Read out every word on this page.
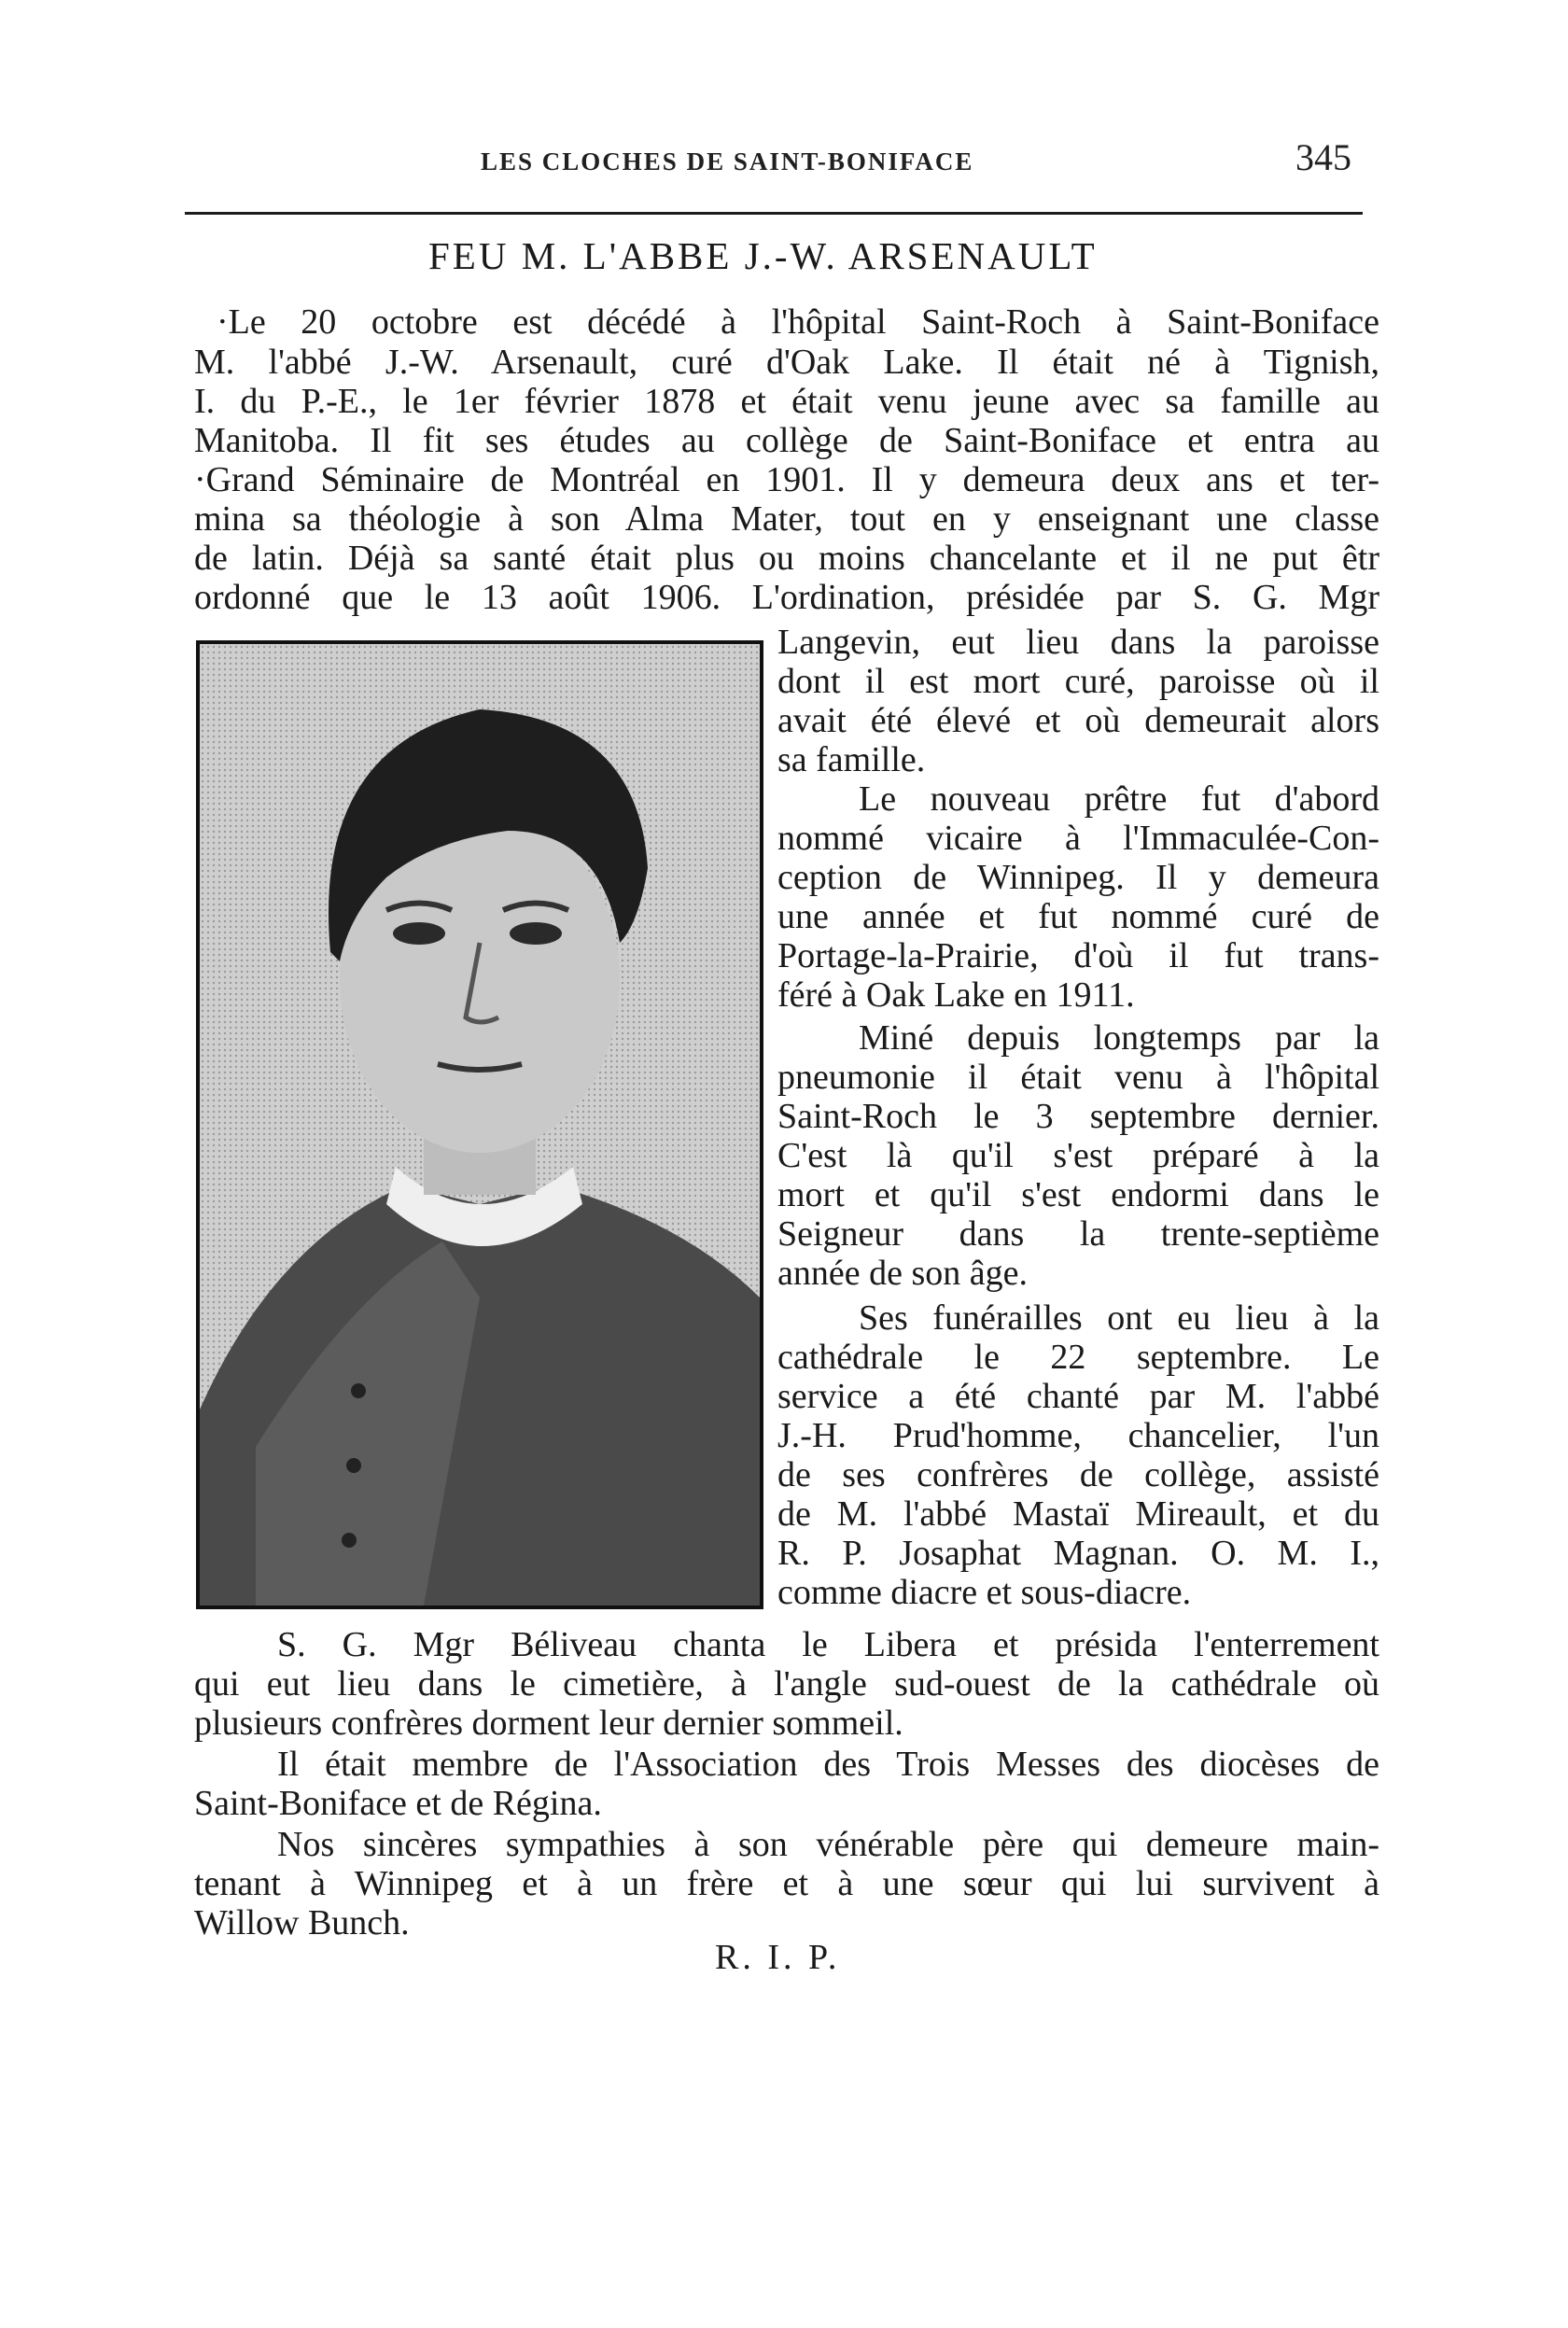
LES CLOCHES DE SAINT-BONIFACE	345
FEU M. L'ABBE J.-W. ARSENAULT
·Le 20 octobre est décédé à l'hôpital Saint-Roch à Saint-Boniface
M. l'abbé J.-W. Arsenault, curé d'Oak Lake. Il était né à Tignish,
I. du P.-E., le 1er février 1878 et était venu jeune avec sa famille au
Manitoba. Il fit ses études au collège de Saint-Boniface et entra au
·Grand Séminaire de Montréal en 1901. Il y demeura deux ans et ter-
mina sa théologie à son Alma Mater, tout en y enseignant une classe
de latin. Déjà sa santé était plus ou moins chancelante et il ne put êtr
ordonné que le 13 août 1906. L'ordination, présidée par S. G. Mgr
Langevin, eut lieu dans la paroisse
dont il est mort curé, paroisse où il
avait été élevé et où demeurait alors
sa famille.
Le nouveau prêtre fut d'abord
nommé vicaire à l'Immaculée-Con-
ception de Winnipeg. Il y demeura
une année et fut nommé curé de
Portage-la-Prairie, d'où il fut trans-
féré à Oak Lake en 1911.
Miné depuis longtemps par la
pneumonie il était venu à l'hôpital
Saint-Roch le 3 septembre dernier.
C'est là qu'il s'est préparé à la
mort et qu'il s'est endormi dans le
Seigneur dans la trente-septième
année de son âge.
Ses funérailles ont eu lieu à la
cathédrale le 22 septembre. Le
service a été chanté par M. l'abbé
J.-H. Prud'homme, chancelier, l'un
de ses confrères de collège, assisté
de M. l'abbé Mastaï Mireault, et du
R. P. Josaphat Magnan. O. M. I.,
comme diacre et sous-diacre.
S. G. Mgr Béliveau chanta le Libera et présida l'enterrement
qui eut lieu dans le cimetière, à l'angle sud-ouest de la cathédrale où
plusieurs confrères dorment leur dernier sommeil.
Il était membre de l'Association des Trois Messes des diocèses de
Saint-Boniface et de Régina.
Nos sincères sympathies à son vénérable père qui demeure main-
tenant à Winnipeg et à un frère et à une sœur qui lui survivent à
Willow Bunch.
R. I. P.
